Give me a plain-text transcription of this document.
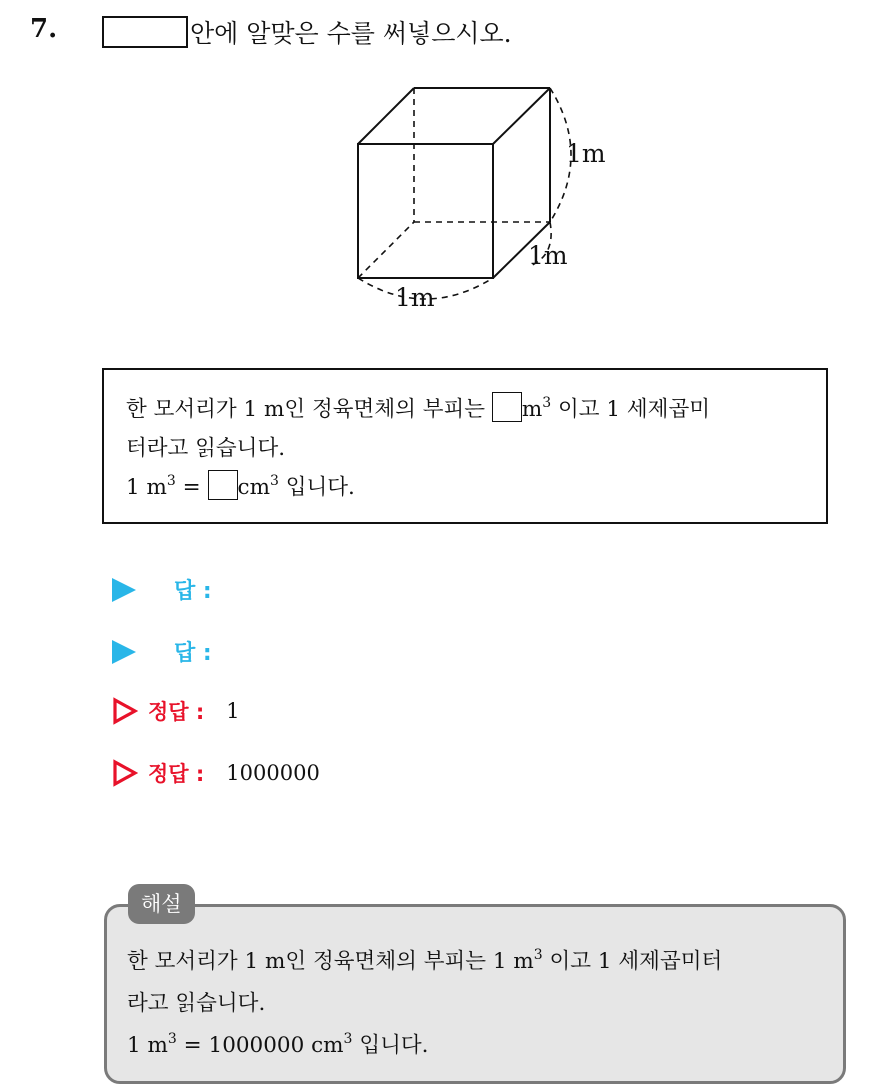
7.	안에 알맞은 수를 써넣으시오.
1m
1m
1m
한 모서리가 1 m인 정육면체의 부피는 $m^3$ 이고 1 세제곱미
터라고 읽습니다.
1 $m^3 = cm^3$ 입니다.
답 :
답 :
정답 : 1
정답 : 1000000
한 모서리가 1 m인 정육면체의 부피는 1 $m^3$ 이고 1 세제곱미터
라고 읽습니다.
1 $m^3 = 1000000$ $cm^3$ 입니다.
해설
